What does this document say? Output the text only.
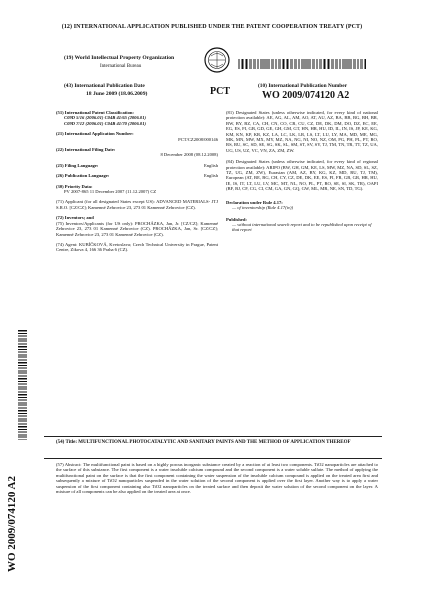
(12) INTERNATIONAL APPLICATION PUBLISHED UNDER THE PATENT COOPERATION TREATY (PCT)
(19) World Intellectual Property Organization
International Bureau
(43) International Publication Date
18 June 2009 (18.06.2009)	PCT	(10) International Publication Number
WO 2009/074120 A2
(51) International Patent Classification:
C09D 5/16 (2006.01) C04B 41/65 (2006.01)
C09D 7/12 (2006.01) C04B 41/70 (2006.01)
(21) International Application Number:
PCT/CZ2008/000146
(22) International Filing Date:
8 December 2008 (08.12.2008)
(25) Filing Language:	English
(26) Publication Language:	English
(30) Priority Data:
PV 2007-865 11 December 2007 (11.12.2007) CZ
(71) Applicant (for all designated States except US): ADVANCED MATERIALS- JTJ S.R.O. [CZ/CZ]; Kamenné Zehrovice 23, 273 01 Kamenné Zehrovice (CZ).
(72) Inventors; and
(75) Inventors/Applicants (for US only): PROCHÁZKA, Jan, Jr. [CZ/CZ]; Kamenné Zehrovice 23, 273 01 Kamenné Zehrovice (CZ). PROCHÁZKA, Jan, Sr. [CZ/CZ]; Kamenné Zehrovice 23, 273 01 Kamenné Zehrovice (CZ).
(74) Agent: KUBÍČKOVÁ, Kvetoslava; Czech Technical University in Prague, Patent Centre, Zikova 4, 166 36 Praha 6 (CZ).
(81) Designated States (unless otherwise indicated, for every kind of national protection available): AE, AG, AL, AM, AO, AT, AU, AZ, BA, BB, BG, BH, BR, BW, BY, BZ, CA, CH, CN, CO, CR, CU, CZ, DE, DK, DM, DO, DZ, EC, EE, EG, ES, FI, GB, GD, GE, GH, GM, GT, HN, HR, HU, ID, IL, IN, IS, JP, KE, KG, KM, KN, KP, KR, KZ, LA, LC, LK, LR, LS, LT, LU, LY, MA, MD, ME, MG, MK, MN, MW, MX, MY, MZ, NA, NG, NI, NO, NZ, OM, PG, PH, PL, PT, RO, RS, RU, SC, SD, SE, SG, SK, SL, SM, ST, SV, SY, TJ, TM, TN, TR, TT, TZ, UA, UG, US, UZ, VC, VN, ZA, ZM, ZW.
(84) Designated States (unless otherwise indicated, for every kind of regional protection available): ARIPO (BW, GH, GM, KE, LS, MW, MZ, NA, SD, SL, SZ, TZ, UG, ZM, ZW), Eurasian (AM, AZ, BY, KG, KZ, MD, RU, TJ, TM), European (AT, BE, BG, CH, CY, CZ, DE, DK, EE, ES, FI, FR, GB, GR, HR, HU, IE, IS, IT, LT, LU, LV, MC, MT, NL, NO, PL, PT, RO, SE, SI, SK, TR), OAPI (BF, BJ, CF, CG, CI, CM, GA, GN, GQ, GW, ML, MR, NE, SN, TD, TG).
Declaration under Rule 4.17:
— of inventorship (Rule 4.17(iv))
Published:
— without international search report and to be republished upon receipt of that report
WO 2009/074120 A2
(54) Title: MULTIFUNCTIONAL PHOTOCATALYTIC AND SANITARY PAINTS AND THE METHOD OF APPLICATION THEREOF
(57) Abstract: The multifunctional paint is based on a highly porous inorganic substance created by a reaction of at least two components. TiO2 nanoparticles are attached to the surface of this substance. The first component is a water insoluble calcium compound and the second component is a water soluble sulfate. The method of applying the multifunctional paint on the surface is that the first component containing the water suspension of the insoluble calcium compound is applied on the treated area first and subsequently a mixture of TiO2 nanoparticles suspended in the water solution of the second component is applied over the first layer. Another way is to apply a water suspension of the first component containing also TiO2 nanoparticles on the treated surface and then deposit the water solution of the second component on the layer. A mixture of all components can be also applied on the treated area at once.
